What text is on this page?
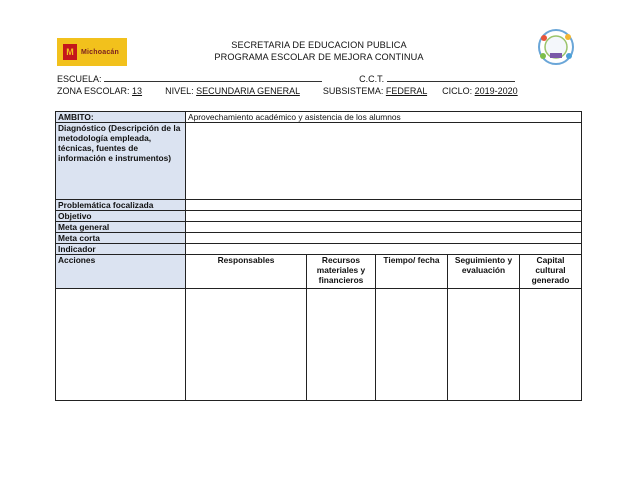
M	Michoacán
SECRETARIA DE EDUCACION PUBLICA
PROGRAMA ESCOLAR DE MEJORA CONTINUA
ESCUELA:	C.C.T.
ZONA ESCOLAR: 13	NIVEL: SECUNDARIA GENERAL	SUBSISTEMA: FEDERAL CICLO: 2019-2020
AMBITO:	Aprovechamiento académico y asistencia de los alumnos				
Diagnóstico (Descripción de la metodología empleada, técnicas, fuentes de información e instrumentos)					
Problemática focalizada					
Objetivo					
Meta general					
Meta corta					
Indicador					
Acciones	Responsables	Recursos materiales y financieros	Tiempo/ fecha	Seguimiento y evaluación	Capital cultural generado
